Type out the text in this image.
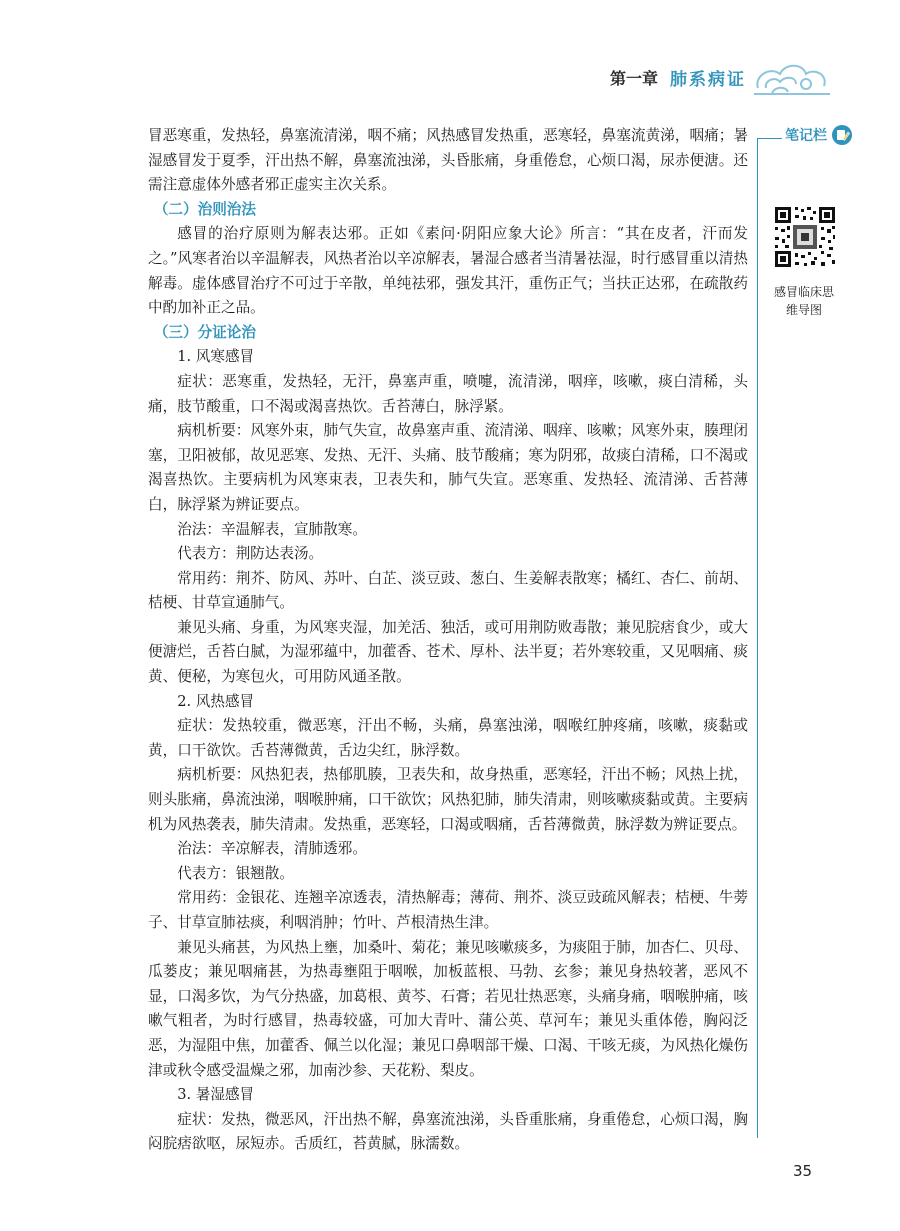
第一章 肺系病证
笔记栏
感冒临床思
维导图

冒恶寒重，发热轻，鼻塞流清涕，咽不痛；风热感冒发热重，恶寒轻，鼻塞流黄涕，咽痛；暑湿感冒发于夏季，汗出热不解，鼻塞流浊涕，头昏胀痛，身重倦怠，心烦口渴，尿赤便溏。还需注意虚体外感者邪正虚实主次关系。

（二）治则治法

感冒的治疗原则为解表达邪。正如《素问·阴阳应象大论》所言：“其在皮者，汗而发之。”风寒者治以辛温解表，风热者治以辛凉解表，暑湿合感者当清暑祛湿，时行感冒重以清热解毒。虚体感冒治疗不可过于辛散，单纯祛邪，强发其汗，重伤正气；当扶正达邪，在疏散药中酌加补正之品。

（三）分证论治

1. 风寒感冒

症状：恶寒重，发热轻，无汗，鼻塞声重，喷嚏，流清涕，咽痒，咳嗽，痰白清稀，头痛，肢节酸重，口不渴或渴喜热饮。舌苔薄白，脉浮紧。

病机析要：风寒外束，肺气失宣，故鼻塞声重、流清涕、咽痒、咳嗽；风寒外束，腠理闭塞，卫阳被郁，故见恶寒、发热、无汗、头痛、肢节酸痛；寒为阴邪，故痰白清稀，口不渴或渴喜热饮。主要病机为风寒束表，卫表失和，肺气失宣。恶寒重、发热轻、流清涕、舌苔薄白，脉浮紧为辨证要点。

治法：辛温解表，宣肺散寒。

代表方：荆防达表汤。

常用药：荆芥、防风、苏叶、白芷、淡豆豉、葱白、生姜解表散寒；橘红、杏仁、前胡、桔梗、甘草宣通肺气。

兼见头痛、身重，为风寒夹湿，加羌活、独活，或可用荆防败毒散；兼见脘痞食少，或大便溏烂，舌苔白腻，为湿邪蕴中，加藿香、苍术、厚朴、法半夏；若外寒较重，又见咽痛、痰黄、便秘，为寒包火，可用防风通圣散。

2. 风热感冒

症状：发热较重，微恶寒，汗出不畅，头痛，鼻塞浊涕，咽喉红肿疼痛，咳嗽，痰黏或黄，口干欲饮。舌苔薄微黄，舌边尖红，脉浮数。

病机析要：风热犯表，热郁肌腠，卫表失和，故身热重，恶寒轻，汗出不畅；风热上扰，则头胀痛，鼻流浊涕，咽喉肿痛，口干欲饮；风热犯肺，肺失清肃，则咳嗽痰黏或黄。主要病机为风热袭表，肺失清肃。发热重，恶寒轻，口渴或咽痛，舌苔薄微黄，脉浮数为辨证要点。

治法：辛凉解表，清肺透邪。

代表方：银翘散。

常用药：金银花、连翘辛凉透表，清热解毒；薄荷、荆芥、淡豆豉疏风解表；桔梗、牛蒡子、甘草宣肺祛痰，利咽消肿；竹叶、芦根清热生津。

兼见头痛甚，为风热上壅，加桑叶、菊花；兼见咳嗽痰多，为痰阻于肺，加杏仁、贝母、瓜蒌皮；兼见咽痛甚，为热毒壅阻于咽喉，加板蓝根、马勃、玄参；兼见身热较著，恶风不显，口渴多饮，为气分热盛，加葛根、黄芩、石膏；若见壮热恶寒，头痛身痛，咽喉肿痛，咳嗽气粗者，为时行感冒，热毒较盛，可加大青叶、蒲公英、草河车；兼见头重体倦，胸闷泛恶，为湿阻中焦，加藿香、佩兰以化湿；兼见口鼻咽部干燥、口渴、干咳无痰，为风热化燥伤津或秋令感受温燥之邪，加南沙参、天花粉、梨皮。

3. 暑湿感冒

症状：发热，微恶风，汗出热不解，鼻塞流浊涕，头昏重胀痛，身重倦怠，心烦口渴，胸闷脘痞欲呕，尿短赤。舌质红，苔黄腻，脉濡数。

35
